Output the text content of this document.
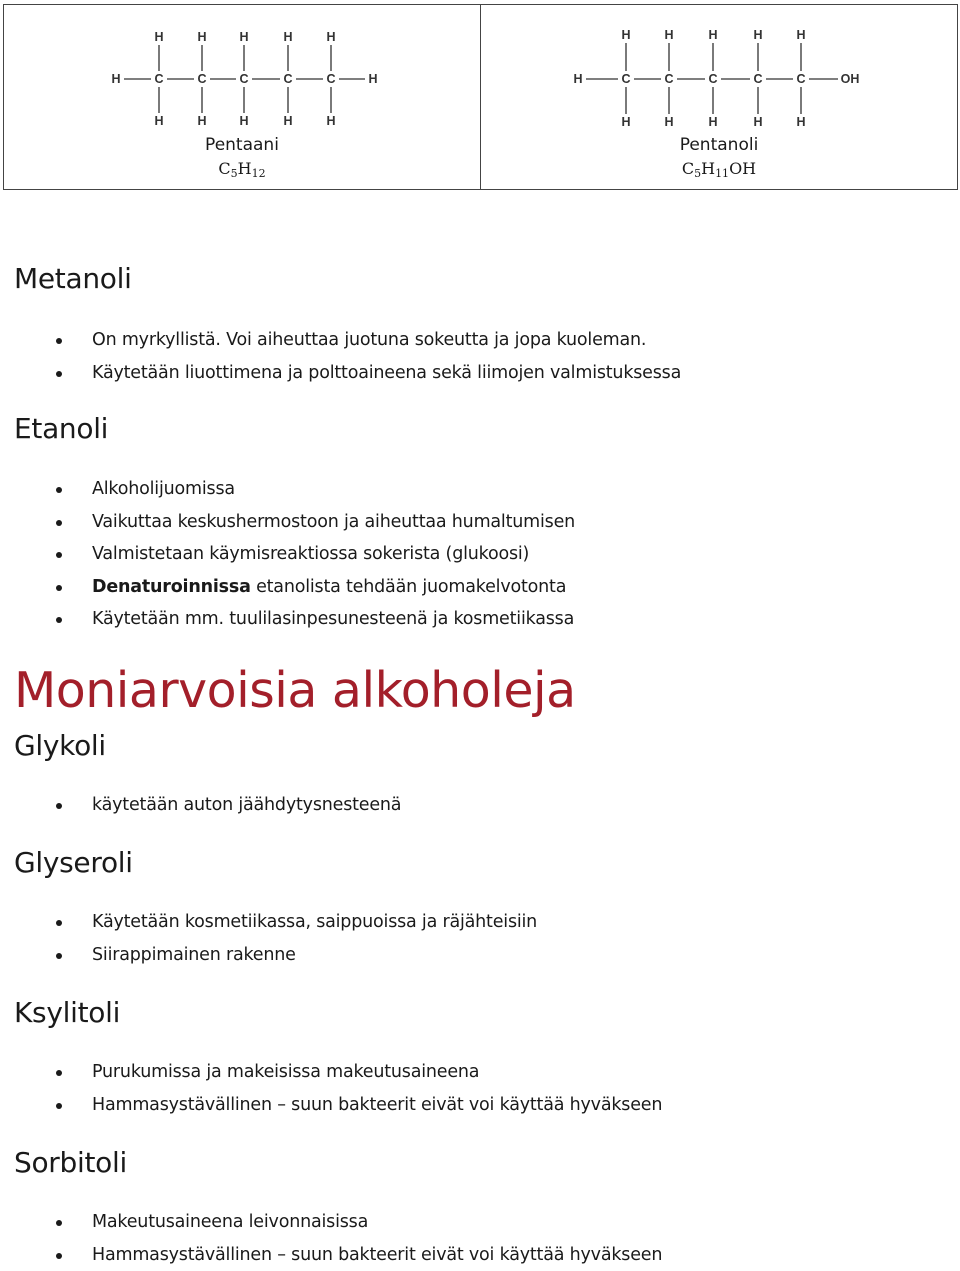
H	C
H
H
C
H
H
C
H
H
C
H
H
C
H
H
H
Pentaani
$C_5H_{12}$
H	C
H
H
C
H
H
C
H
H
C
H
H
C
H
H
OH
Pentanoli
$C_5H_{11}OH$
Metanoli
Etanoli
Moniarvoisia alkoholeja
Glykoli
Glyseroli
Ksylitoli
Sorbitoli
On myrkyllistä. Voi aiheuttaa juotuna sokeutta ja jopa kuoleman.
Käytetään liuottimena ja polttoaineena sekä liimojen valmistuksessa
Alkoholijuomissa
Vaikuttaa keskushermostoon ja aiheuttaa humaltumisen
Valmistetaan käymisreaktiossa sokerista (glukoosi)
Denaturoinnissa etanolista tehdään juomakelvotonta
Käytetään mm. tuulilasinpesunesteenä ja kosmetiikassa
käytetään auton jäähdytysnesteenä
Käytetään kosmetiikassa, saippuoissa ja räjähteisiin
Siirappimainen rakenne
Purukumissa ja makeisissa makeutusaineena
Hammasystävällinen – suun bakteerit eivät voi käyttää hyväkseen
Makeutusaineena leivonnaisissa
Hammasystävällinen – suun bakteerit eivät voi käyttää hyväkseen
